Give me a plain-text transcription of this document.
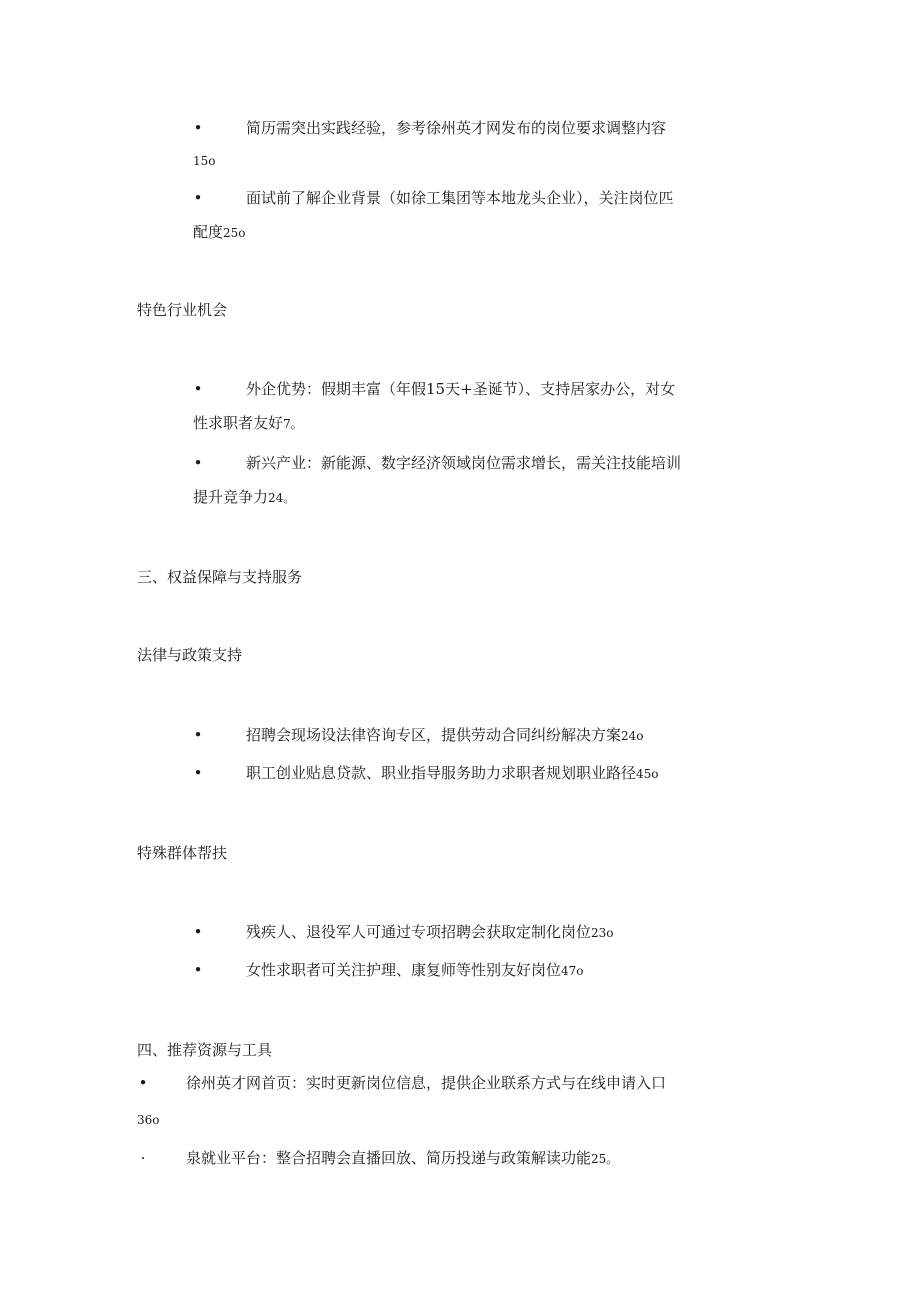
•	简历需突出实践经验，参考徐州英才网发布的岗位要求调整内容
15o
•	面试前了解企业背景（如徐工集团等本地龙头企业），关注岗位匹
配度25o
特色行业机会
•	外企优势：假期丰富（年假15天+圣诞节）、支持居家办公，对女
性求职者友好7。
•	新兴产业：新能源、数字经济领域岗位需求增长，需关注技能培训
提升竞争力24。
三、权益保障与支持服务
法律与政策支持
•	招聘会现场设法律咨询专区，提供劳动合同纠纷解决方案24o
•	职工创业贴息贷款、职业指导服务助力求职者规划职业路径45o
特殊群体帮扶
•	残疾人、退役军人可通过专项招聘会获取定制化岗位23o
•	女性求职者可关注护理、康复师等性别友好岗位47o
四、推荐资源与工具
•	徐州英才网首页：实时更新岗位信息，提供企业联系方式与在线申请入口
36o
·	泉就业平台：整合招聘会直播回放、简历投递与政策解读功能25。
